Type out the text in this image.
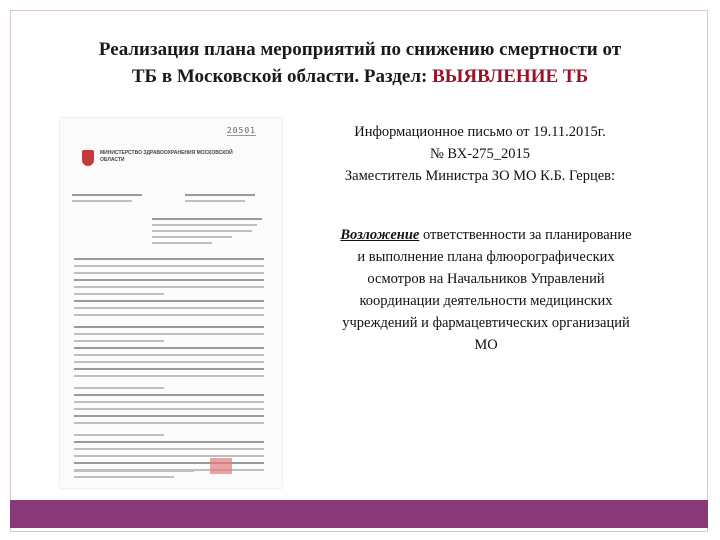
Реализация плана мероприятий по снижению смертности от
ТБ в Московской области. Раздел: ВЫЯВЛЕНИЕ ТБ
20501
МИНИСТЕРСТВО ЗДРАВООХРАНЕНИЯ МОСКОВСКОЙ ОБЛАСТИ
Информационное письмо от 19.11.2015г.
№ ВХ-275_2015
Заместитель Министра ЗО МО К.Б. Герцев:
Возложение ответственности за планирование и выполнение плана флюорографических осмотров на Начальников Управлений координации деятельности медицинских учреждений и фармацевтических организаций МО
